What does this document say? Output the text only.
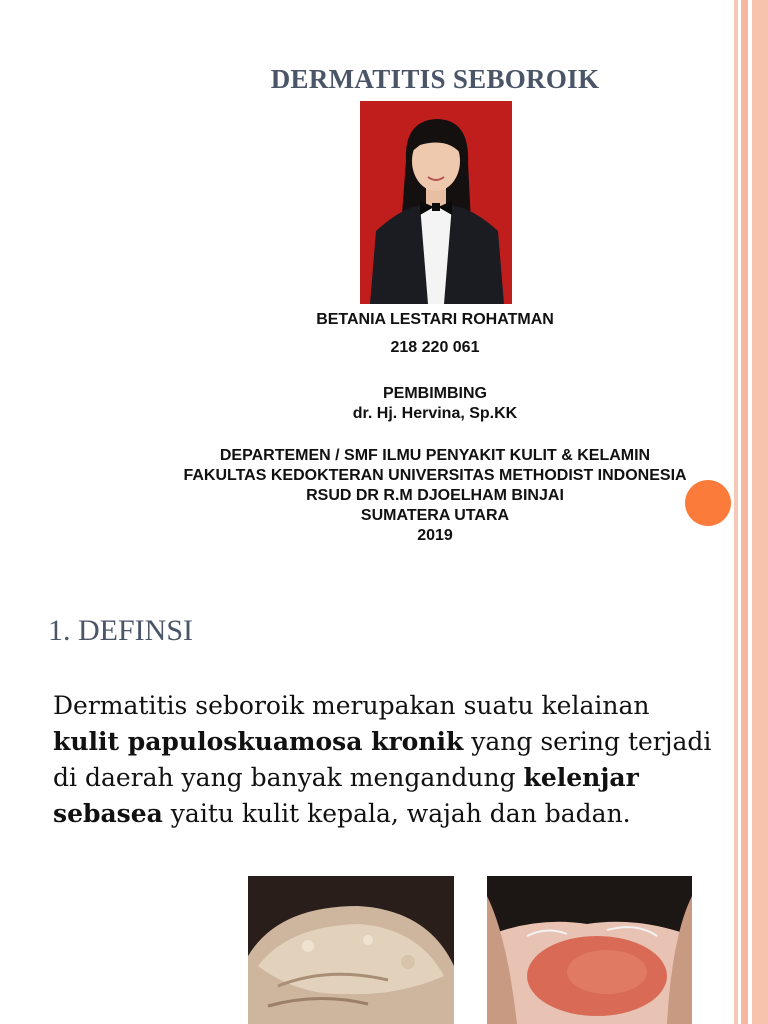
DERMATITIS SEBOROIK
BETANIA LESTARI ROHATMAN
218 220 061
PEMBIMBING
dr. Hj. Hervina, Sp.KK
DEPARTEMEN / SMF ILMU PENYAKIT KULIT & KELAMIN
FAKULTAS KEDOKTERAN UNIVERSITAS METHODIST INDONESIA
RSUD DR R.M DJOELHAM BINJAI
SUMATERA UTARA
2019
1. DEFINSI
Dermatitis seboroik merupakan suatu kelainan kulit papuloskuamosa kronik yang sering terjadi di daerah yang banyak mengandung kelenjar sebasea yaitu kulit kepala, wajah dan badan.
